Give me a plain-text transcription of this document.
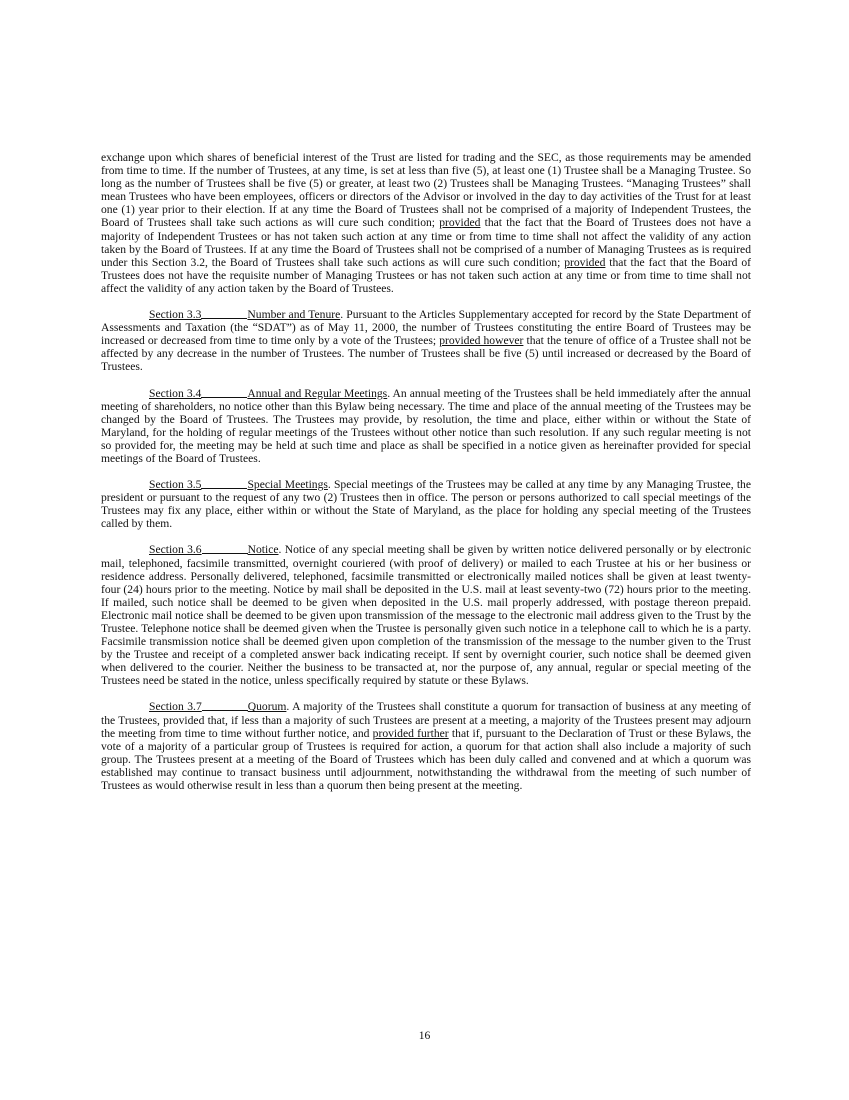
exchange upon which shares of beneficial interest of the Trust are listed for trading and the SEC, as those requirements may be amended from time to time. If the number of Trustees, at any time, is set at less than five (5), at least one (1) Trustee shall be a Managing Trustee. So long as the number of Trustees shall be five (5) or greater, at least two (2) Trustees shall be Managing Trustees. “Managing Trustees” shall mean Trustees who have been employees, officers or directors of the Advisor or involved in the day to day activities of the Trust for at least one (1) year prior to their election. If at any time the Board of Trustees shall not be comprised of a majority of Independent Trustees, the Board of Trustees shall take such actions as will cure such condition; provided that the fact that the Board of Trustees does not have a majority of Independent Trustees or has not taken such action at any time or from time to time shall not affect the validity of any action taken by the Board of Trustees. If at any time the Board of Trustees shall not be comprised of a number of Managing Trustees as is required under this Section 3.2, the Board of Trustees shall take such actions as will cure such condition; provided that the fact that the Board of Trustees does not have the requisite number of Managing Trustees or has not taken such action at any time or from time to time shall not affect the validity of any action taken by the Board of Trustees.

Section 3.3	Number and Tenure. Pursuant to the Articles Supplementary accepted for record by the State Department of Assessments and Taxation (the “SDAT”) as of May 11, 2000, the number of Trustees constituting the entire Board of Trustees may be increased or decreased from time to time only by a vote of the Trustees; provided however that the tenure of office of a Trustee shall not be affected by any decrease in the number of Trustees. The number of Trustees shall be five (5) until increased or decreased by the Board of Trustees.

Section 3.4	Annual and Regular Meetings. An annual meeting of the Trustees shall be held immediately after the annual meeting of shareholders, no notice other than this Bylaw being necessary. The time and place of the annual meeting of the Trustees may be changed by the Board of Trustees. The Trustees may provide, by resolution, the time and place, either within or without the State of Maryland, for the holding of regular meetings of the Trustees without other notice than such resolution. If any such regular meeting is not so provided for, the meeting may be held at such time and place as shall be specified in a notice given as hereinafter provided for special meetings of the Board of Trustees.

Section 3.5	Special Meetings. Special meetings of the Trustees may be called at any time by any Managing Trustee, the president or pursuant to the request of any two (2) Trustees then in office. The person or persons authorized to call special meetings of the Trustees may fix any place, either within or without the State of Maryland, as the place for holding any special meeting of the Trustees called by them.

Section 3.6	Notice. Notice of any special meeting shall be given by written notice delivered personally or by electronic mail, telephoned, facsimile transmitted, overnight couriered (with proof of delivery) or mailed to each Trustee at his or her business or residence address. Personally delivered, telephoned, facsimile transmitted or electronically mailed notices shall be given at least twenty-four (24) hours prior to the meeting. Notice by mail shall be deposited in the U.S. mail at least seventy-two (72) hours prior to the meeting. If mailed, such notice shall be deemed to be given when deposited in the U.S. mail properly addressed, with postage thereon prepaid. Electronic mail notice shall be deemed to be given upon transmission of the message to the electronic mail address given to the Trust by the Trustee. Telephone notice shall be deemed given when the Trustee is personally given such notice in a telephone call to which he is a party. Facsimile transmission notice shall be deemed given upon completion of the transmission of the message to the number given to the Trust by the Trustee and receipt of a completed answer back indicating receipt. If sent by overnight courier, such notice shall be deemed given when delivered to the courier. Neither the business to be transacted at, nor the purpose of, any annual, regular or special meeting of the Trustees need be stated in the notice, unless specifically required by statute or these Bylaws.

Section 3.7	Quorum. A majority of the Trustees shall constitute a quorum for transaction of business at any meeting of the Trustees, provided that, if less than a majority of such Trustees are present at a meeting, a majority of the Trustees present may adjourn the meeting from time to time without further notice, and provided further that if, pursuant to the Declaration of Trust or these Bylaws, the vote of a majority of a particular group of Trustees is required for action, a quorum for that action shall also include a majority of such group. The Trustees present at a meeting of the Board of Trustees which has been duly called and convened and at which a quorum was established may continue to transact business until adjournment, notwithstanding the withdrawal from the meeting of such number of Trustees as would otherwise result in less than a quorum then being present at the meeting.

16
